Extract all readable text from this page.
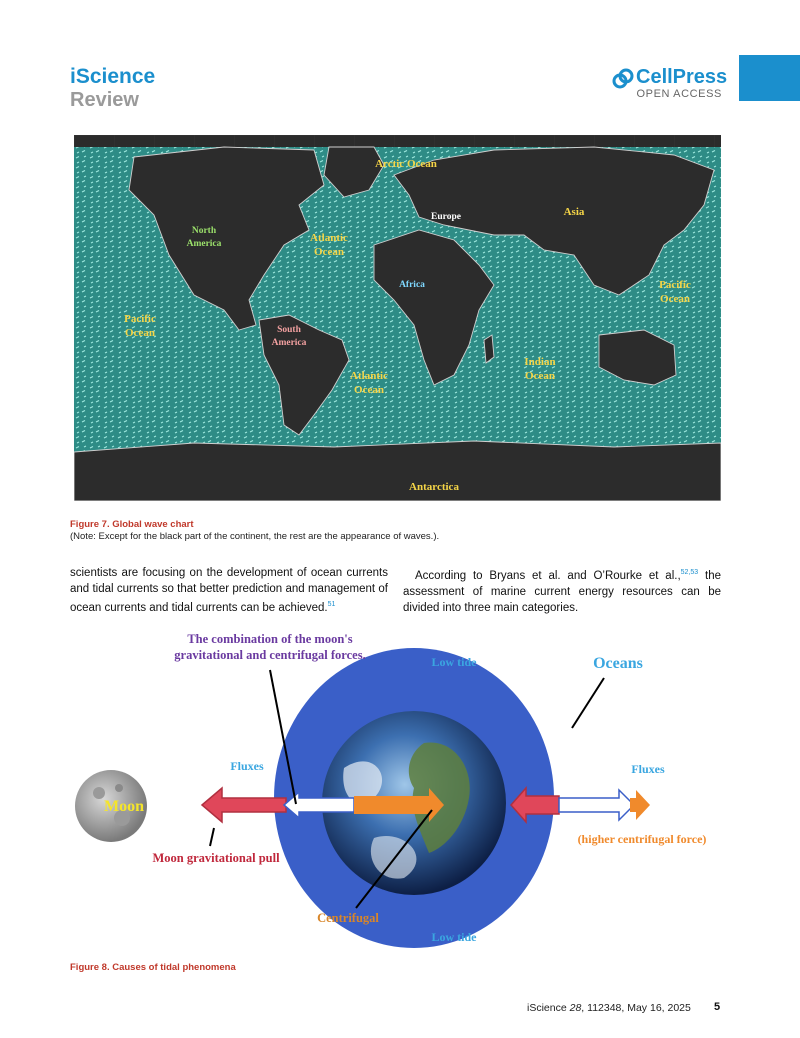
iScience
Review
CellPress
OPEN ACCESS
Arctic Ocean
Europe	Asia
North
America	Atlantic
Ocean
Africa	Pacific
Ocean
Pacific
Ocean	South
America
Indian
Ocean
Atlantic
Ocean
Antarctica
Figure 7. Global wave chart
(Note: Except for the black part of the continent, the rest are the appearance of waves.).
scientists are focusing on the development of ocean currents and tidal currents so that better prediction and management of ocean currents and tidal currents can be achieved.$^{51}$
According to Bryans et al. and O’Rourke et al.,$^{52,53}$ the assessment of marine current energy resources can be divided into three main categories.
The combination of the moon's
gravitational and centrifugal forces.	Low tide	Oceans
Fluxes	Fluxes
Moon
(higher centrifugal force)
Moon gravitational pull
Centrifugal
Low tide
Figure 8. Causes of tidal phenomena
iScience 28, 112348, May 16, 2025 5
